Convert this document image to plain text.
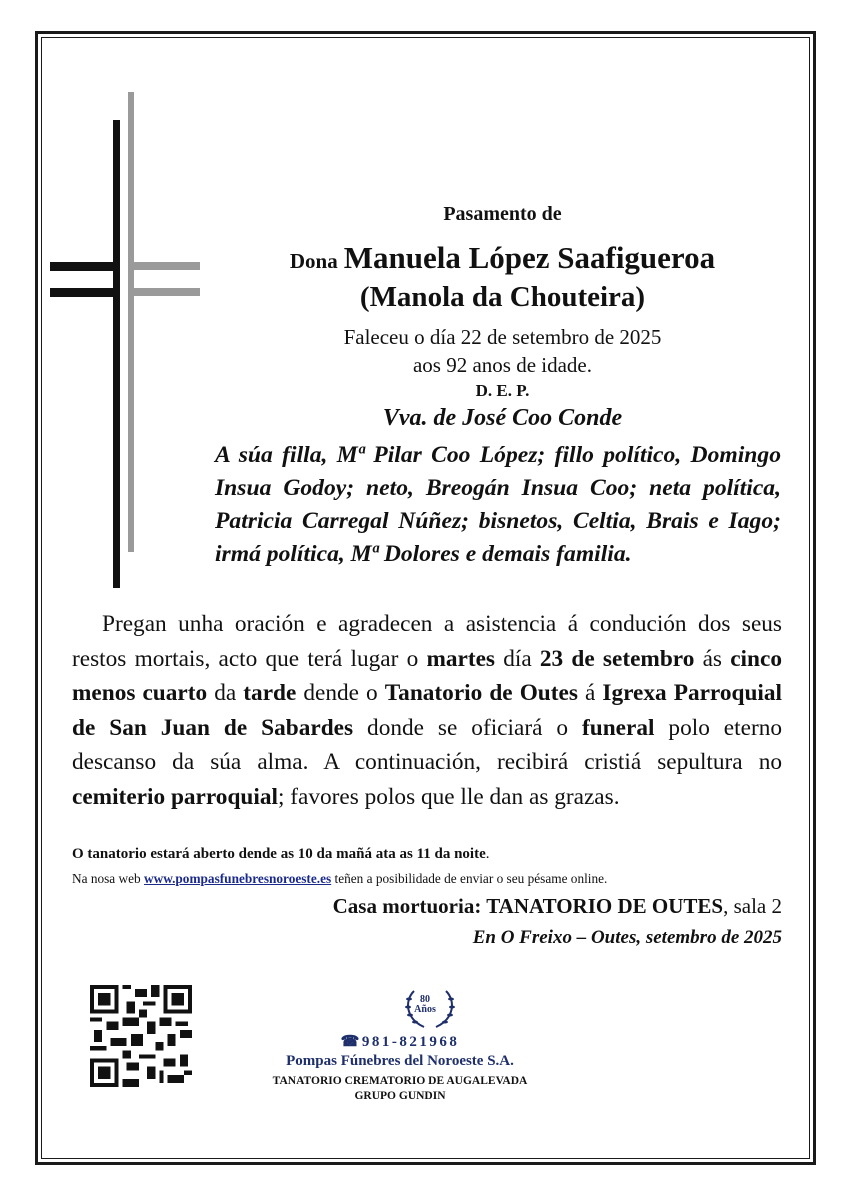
Pasamento de
Dona Manuela López Saafigueroa
(Manola da Chouteira)
Faleceu o día 22 de setembro de 2025
aos 92 anos de idade.
D. E. P.
Vva. de José Coo Conde

A súa filla, Mª Pilar Coo López; fillo político, Domingo Insua Godoy; neto, Breogán Insua Coo; neta política, Patricia Carregal Núñez; bisnetos, Celtia, Brais e Iago; irmá política, Mª Dolores e demais familia.

Pregan unha oración e agradecen a asistencia á condución dos seus restos mortais, acto que terá lugar o martes día 23 de setembro ás cinco menos cuarto da tarde dende o Tanatorio de Outes á Igrexa Parroquial de San Juan de Sabardes donde se oficiará o funeral polo eterno descanso da súa alma. A continuación, recibirá cristiá sepultura no cemiterio parroquial; favores polos que lle dan as grazas.

O tanatorio estará aberto dende as 10 da mañá ata as 11 da noite.
Na nosa web www.pompasfunebresnoroeste.es teñen a posibilidade de enviar o seu pésame online.
Casa mortuoria: TANATORIO DE OUTES, sala 2
En O Freixo – Outes, setembro de 2025
80
Años
☎981-821968
Pompas Fúnebres del Noroeste S.A.
TANATORIO CREMATORIO DE AUGALEVADA
GRUPO GUNDIN
